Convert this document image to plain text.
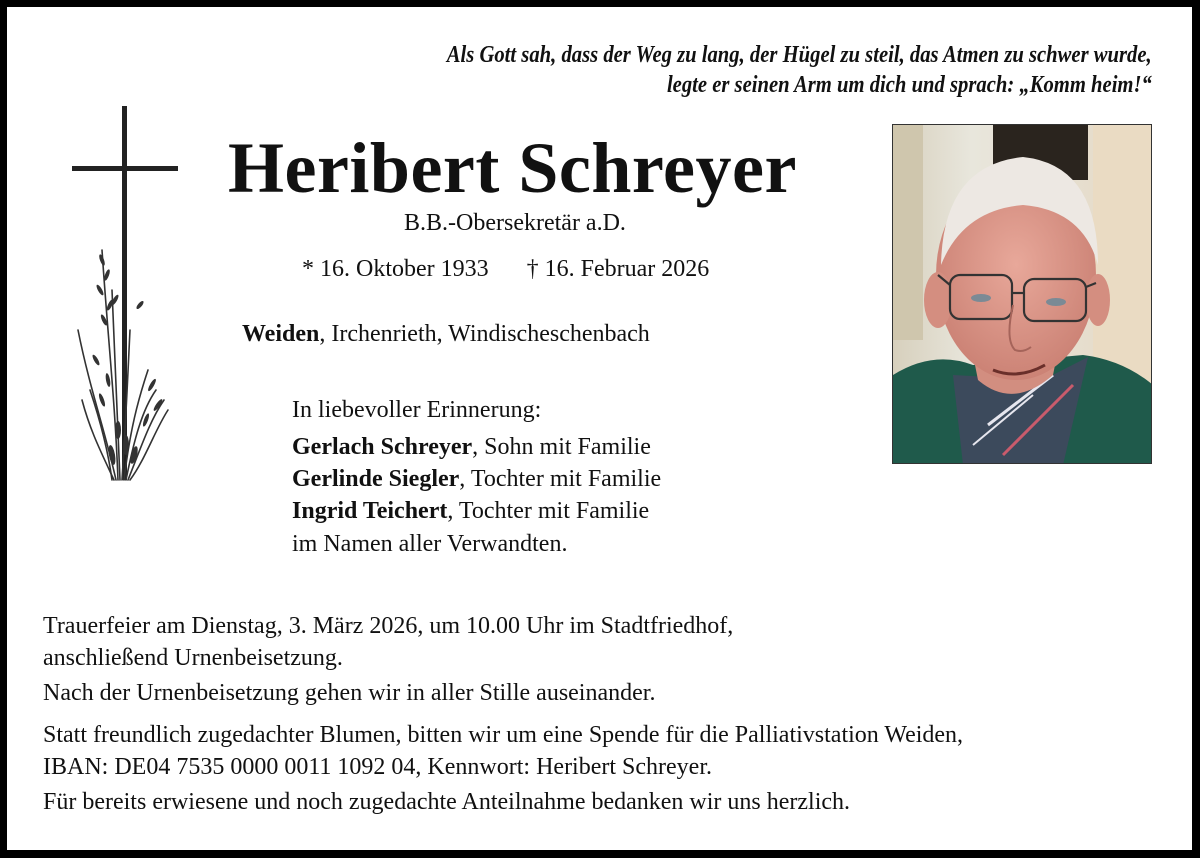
Als Gott sah, dass der Weg zu lang, der Hügel zu steil, das Atmen zu schwer wurde,
legte er seinen Arm um dich und sprach: „Komm heim!“
Heribert Schreyer
B.B.-Obersekretär a.D.
* 16. Oktober 1933 † 16. Februar 2026
Weiden, Irchenrieth, Windischeschenbach
In liebevoller Erinnerung:
Gerlach Schreyer, Sohn mit Familie
Gerlinde Siegler, Tochter mit Familie
Ingrid Teichert, Tochter mit Familie
im Namen aller Verwandten.
Trauerfeier am Dienstag, 3. März 2026, um 10.00 Uhr im Stadtfriedhof,
anschließend Urnenbeisetzung.
Nach der Urnenbeisetzung gehen wir in aller Stille auseinander.
Statt freundlich zugedachter Blumen, bitten wir um eine Spende für die Palliativstation Weiden,
IBAN: DE04 7535 0000 0011 1092 04, Kennwort: Heribert Schreyer.
Für bereits erwiesene und noch zugedachte Anteilnahme bedanken wir uns herzlich.
